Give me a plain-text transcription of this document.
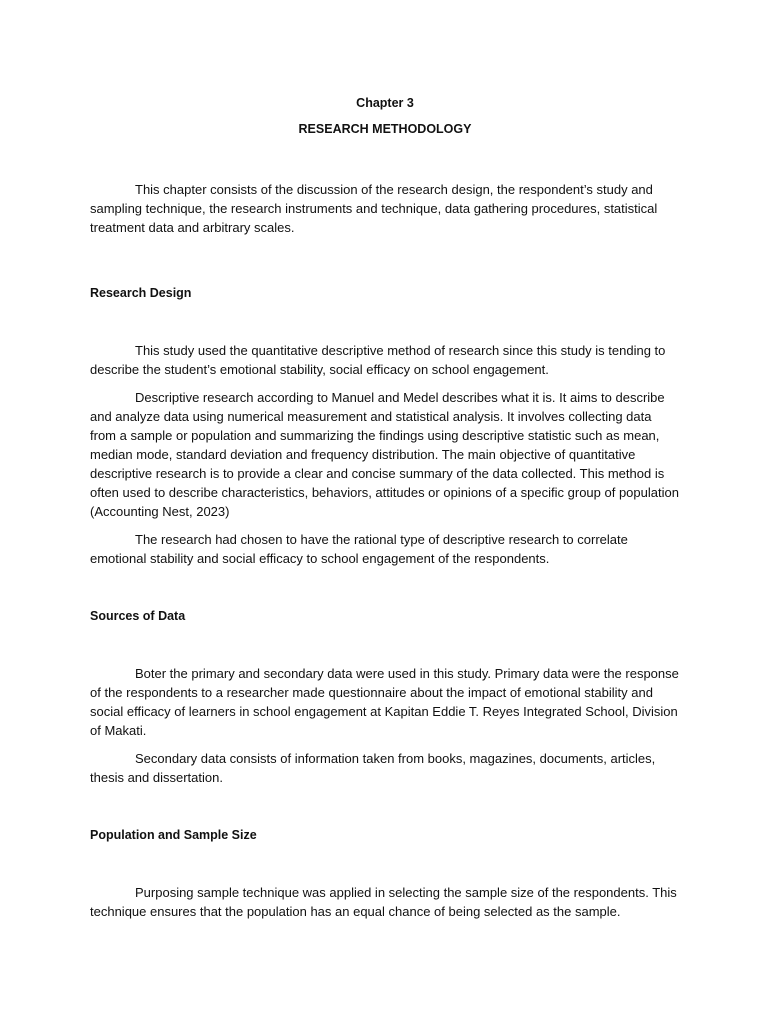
Chapter 3

RESEARCH METHODOLOGY

This chapter consists of the discussion of the research design, the respondent’s study and sampling technique, the research instruments and technique, data gathering procedures, statistical treatment data and arbitrary scales.

Research Design

This study used the quantitative descriptive method of research since this study is tending to describe the student’s emotional stability, social efficacy on school engagement.

Descriptive research according to Manuel and Medel describes what it is. It aims to describe and analyze data using numerical measurement and statistical analysis. It involves collecting data from a sample or population and summarizing the findings using descriptive statistic such as mean, median mode, standard deviation and frequency distribution. The main objective of quantitative descriptive research is to provide a clear and concise summary of the data collected. This method is often used to describe characteristics, behaviors, attitudes or opinions of a specific group of population (Accounting Nest, 2023)

The research had chosen to have the rational type of descriptive research to correlate emotional stability and social efficacy to school engagement of the respondents.

Sources of Data

Boter the primary and secondary data were used in this study. Primary data were the response of the respondents to a researcher made questionnaire about the impact of emotional stability and social efficacy of learners in school engagement at Kapitan Eddie T. Reyes Integrated School, Division of Makati.

Secondary data consists of information taken from books, magazines, documents, articles, thesis and dissertation.

Population and Sample Size

Purposing sample technique was applied in selecting the sample size of the respondents. This technique ensures that the population has an equal chance of being selected as the sample.
